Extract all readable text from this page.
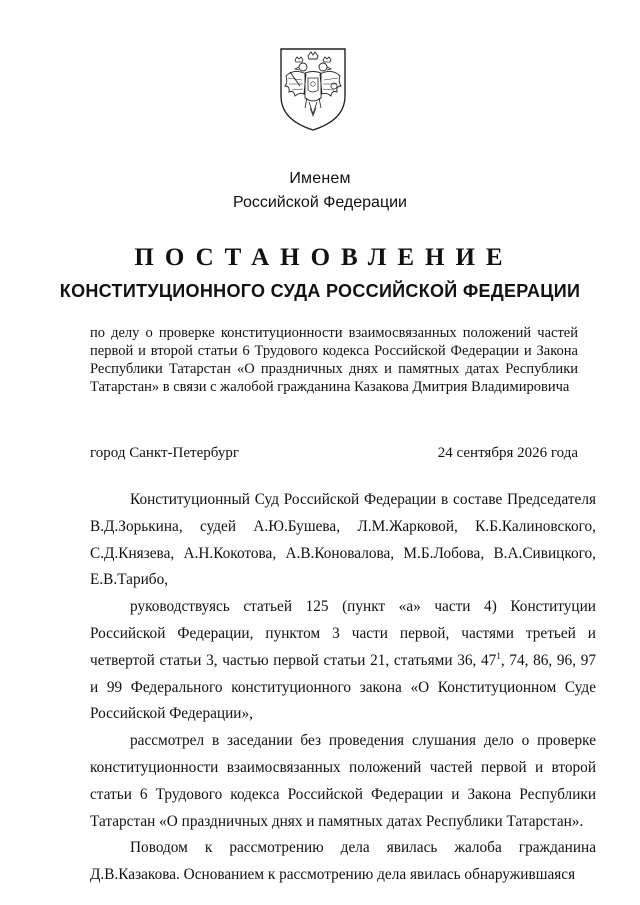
Именем
Российской Федерации
ПОСТАНОВЛЕНИЕ
КОНСТИТУЦИОННОГО СУДА РОССИЙСКОЙ ФЕДЕРАЦИИ
по делу о проверке конституционности взаимосвязанных положений частей первой и второй статьи 6 Трудового кодекса Российской Федерации и Закона Республики Татарстан «О праздничных днях и памятных датах Республики Татарстан» в связи с жалобой гражданина Казакова Дмитрия Владимировича
город Санкт-Петербург	24 сентября 2026 года

Конституционный Суд Российской Федерации в составе Председателя В.Д.Зорькина, судей А.Ю.Бушева, Л.М.Жарковой, К.Б.Калиновского, С.Д.Князева, А.Н.Кокотова, А.В.Коновалова, М.Б.Лобова, В.А.Сивицкого, Е.В.Тарибо,

руководствуясь статьей 125 (пункт «а» части 4) Конституции Российской Федерации, пунктом 3 части первой, частями третьей и четвертой статьи 3, частью первой статьи 21, статьями 36, $47^1$, 74, 86, 96, 97 и 99 Федерального конституционного закона «О Конституционном Суде Российской Федерации»,

рассмотрел в заседании без проведения слушания дело о проверке конституционности взаимосвязанных положений частей первой и второй статьи 6 Трудового кодекса Российской Федерации и Закона Республики Татарстан «О праздничных днях и памятных датах Республики Татарстан».

Поводом к рассмотрению дела явилась жалоба гражданина Д.В.Казакова. Основанием к рассмотрению дела явилась обнаружившаяся
